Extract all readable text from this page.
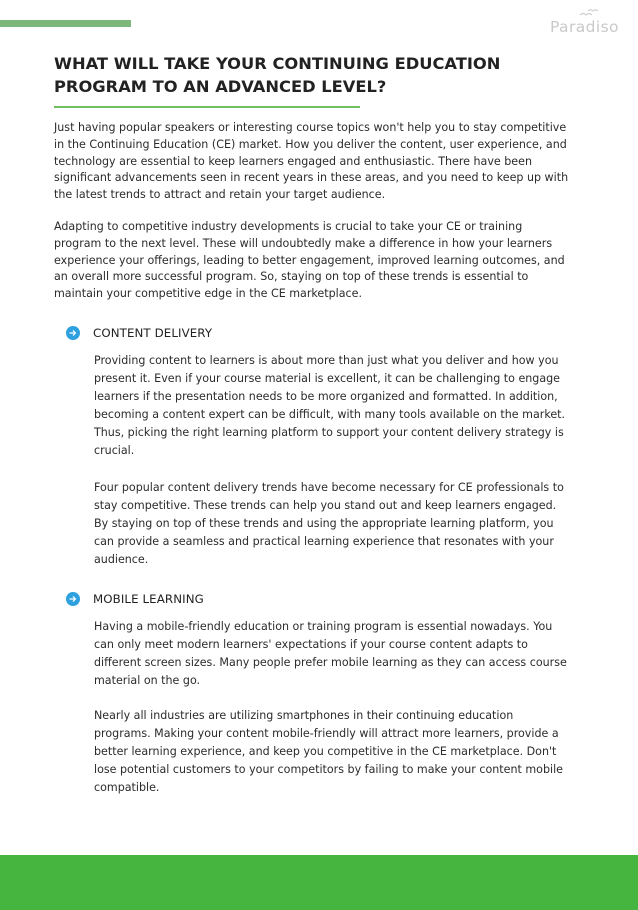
Paradiso
WHAT WILL TAKE YOUR CONTINUING EDUCATION PROGRAM TO AN ADVANCED LEVEL?

Just having popular speakers or interesting course topics won't help you to stay competitive in the Continuing Education (CE) market. How you deliver the content, user experience, and technology are essential to keep learners engaged and enthusiastic. There have been significant advancements seen in recent years in these areas, and you need to keep up with the latest trends to attract and retain your target audience.

Adapting to competitive industry developments is crucial to take your CE or training program to the next level. These will undoubtedly make a difference in how your learners experience your offerings, leading to better engagement, improved learning outcomes, and an overall more successful program. So, staying on top of these trends is essential to maintain your competitive edge in the CE marketplace.

CONTENT DELIVERY

Providing content to learners is about more than just what you deliver and how you present it. Even if your course material is excellent, it can be challenging to engage learners if the presentation needs to be more organized and formatted. In addition, becoming a content expert can be difficult, with many tools available on the market. Thus, picking the right learning platform to support your content delivery strategy is crucial.

Four popular content delivery trends have become necessary for CE professionals to stay competitive. These trends can help you stand out and keep learners engaged. By staying on top of these trends and using the appropriate learning platform, you can provide a seamless and practical learning experience that resonates with your audience.

MOBILE LEARNING

Having a mobile-friendly education or training program is essential nowadays. You can only meet modern learners' expectations if your course content adapts to different screen sizes. Many people prefer mobile learning as they can access course material on the go.

Nearly all industries are utilizing smartphones in their continuing education programs. Making your content mobile-friendly will attract more learners, provide a better learning experience, and keep you competitive in the CE marketplace. Don't lose potential customers to your competitors by failing to make your content mobile compatible.
